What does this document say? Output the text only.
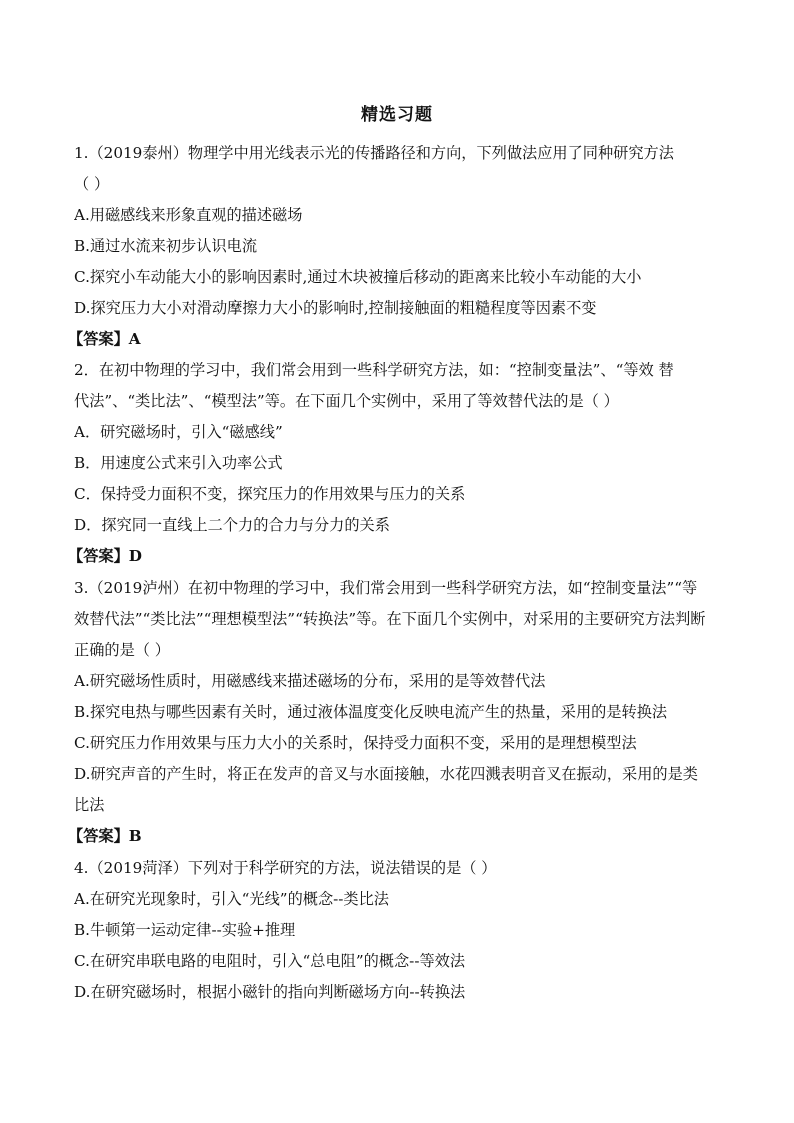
精选习题
1.（2019泰州）物理学中用光线表示光的传播路径和方向，下列做法应用了同种研究方法
（ ）
A.用磁感线来形象直观的描述磁场
B.通过水流来初步认识电流
C.探究小车动能大小的影响因素时,通过木块被撞后移动的距离来比较小车动能的大小
D.探究压力大小对滑动摩擦力大小的影响时,控制接触面的粗糙程度等因素不变
【答案】A
2．在初中物理的学习中，我们常会用到一些科学研究方法，如：“控制变量法”、“等效 替
代法”、“类比法”、“模型法”等。在下面几个实例中，采用了等效替代法的是（ ）
A．研究磁场时，引入“磁感线”
B．用速度公式来引入功率公式
C．保持受力面积不变，探究压力的作用效果与压力的关系
D．探究同一直线上二个力的合力与分力的关系
【答案】D
3.（2019泸州）在初中物理的学习中，我们常会用到一些科学研究方法，如“控制变量法”“等
效替代法”“类比法”“理想模型法”“转换法”等。在下面几个实例中，对采用的主要研究方法判断
正确的是（ ）
A.研究磁场性质时，用磁感线来描述磁场的分布，采用的是等效替代法
B.探究电热与哪些因素有关时，通过液体温度变化反映电流产生的热量，采用的是转换法
C.研究压力作用效果与压力大小的关系时，保持受力面积不变，采用的是理想模型法
D.研究声音的产生时，将正在发声的音叉与水面接触，水花四溅表明音叉在振动，采用的是类
比法
【答案】B
4.（2019菏泽）下列对于科学研究的方法，说法错误的是（ ）
A.在研究光现象时，引入“光线”的概念--类比法
B.牛顿第一运动定律--实验+推理
C.在研究串联电路的电阻时，引入“总电阻”的概念--等效法
D.在研究磁场时，根据小磁针的指向判断磁场方向--转换法
